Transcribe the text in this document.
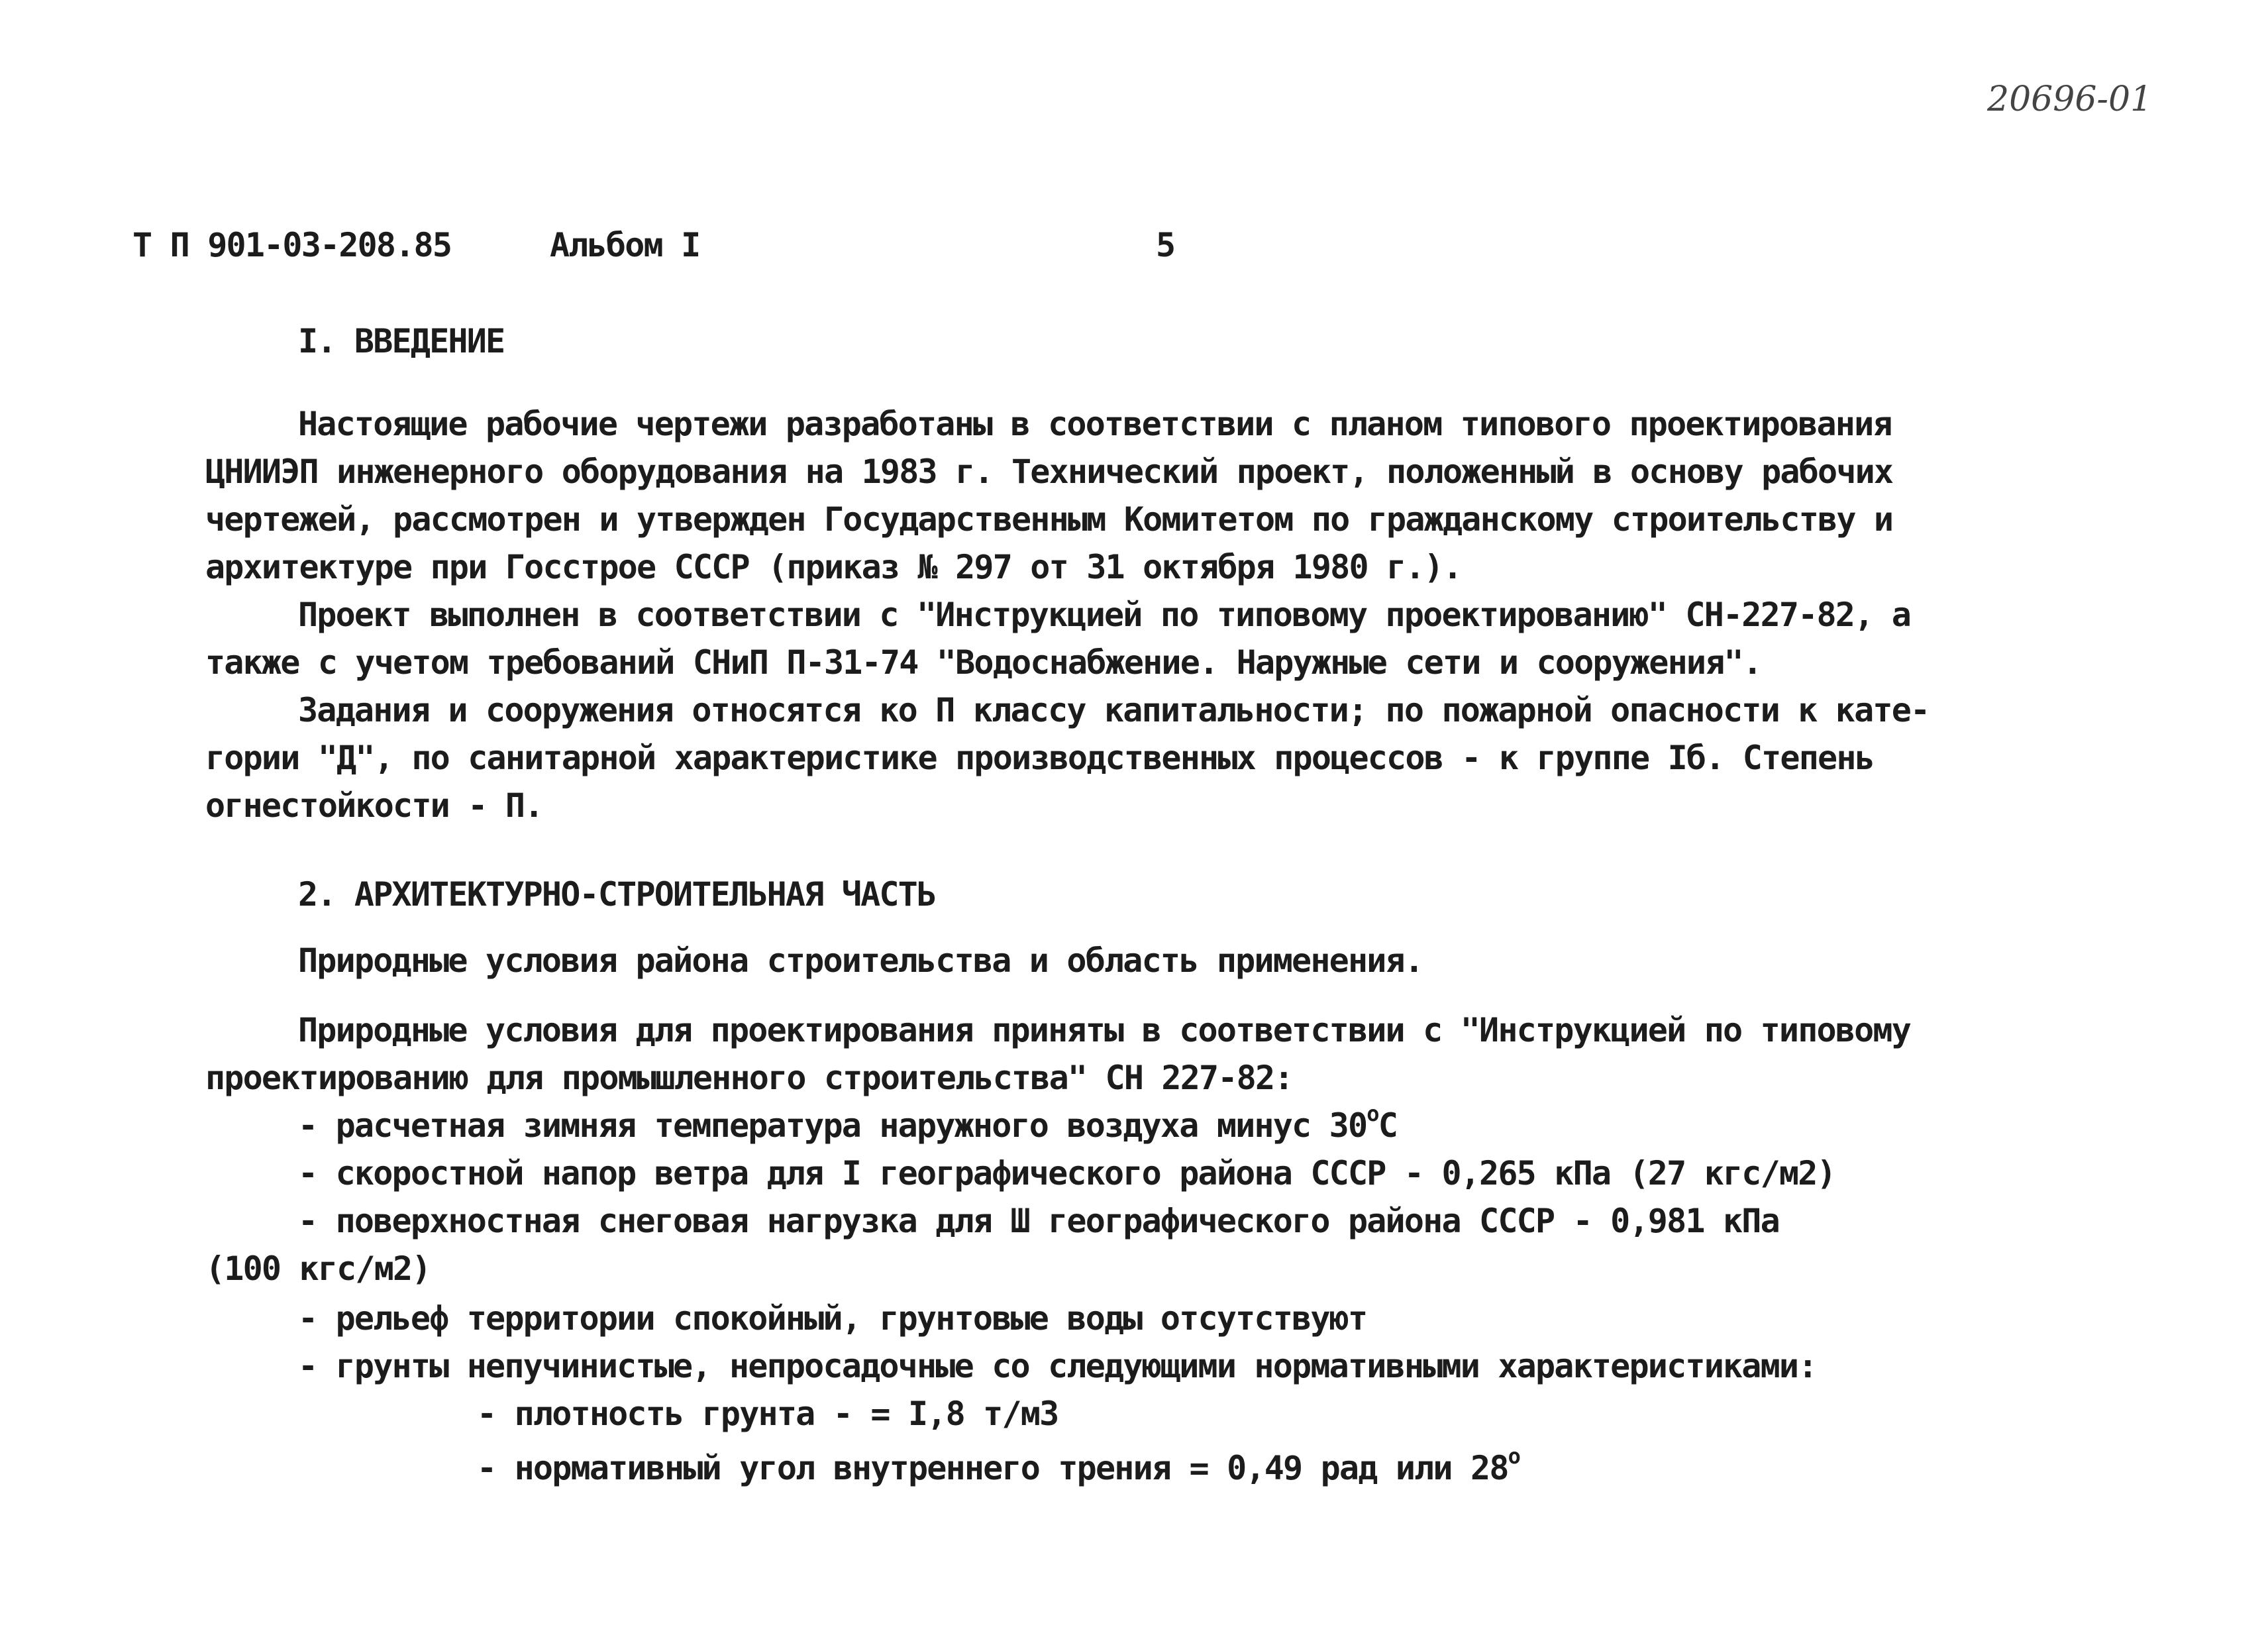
20696-01
Т П 901-03-208.85	Альбом I	5
I. ВВЕДЕНИЕ
Настоящие рабочие чертежи разработаны в соответствии с планом типового проектирования
ЦНИИЭП инженерного оборудования на 1983 г. Технический проект, положенный в основу рабочих
чертежей, рассмотрен и утвержден Государственным Комитетом по гражданскому строительству и
архитектуре при Госстрое СССР (приказ № 297 от 31 октября 1980 г.).
Проект выполнен в соответствии с "Инструкцией по типовому проектированию" СН-227-82, а
также с учетом требований СНиП П-31-74 "Водоснабжение. Наружные сети и сооружения".
Задания и сооружения относятся ко П классу капитальности; по пожарной опасности к кате-
гории "Д", по санитарной характеристике производственных процессов - к группе Iб. Степень
огнестойкости - П.
2. АРХИТЕКТУРНО-СТРОИТЕЛЬНАЯ ЧАСТЬ
Природные условия района строительства и область применения.
Природные условия для проектирования приняты в соответствии с "Инструкцией по типовому
проектированию для промышленного строительства" СН 227-82:
- расчетная зимняя температура наружного воздуха минус $30^оС$
- скоростной напор ветра для I географического района СССР - 0,265 кПа (27 кгс/м2)
- поверхностная снеговая нагрузка для Ш географического района СССР - 0,981 кПа
(100 кгс/м2)
- рельеф территории спокойный, грунтовые воды отсутствуют
- грунты непучинистые, непросадочные со следующими нормативными характеристиками:
- плотность грунта - = I,8 т/м3
- нормативный угол внутреннего трения = 0,49 рад или $28^о$
